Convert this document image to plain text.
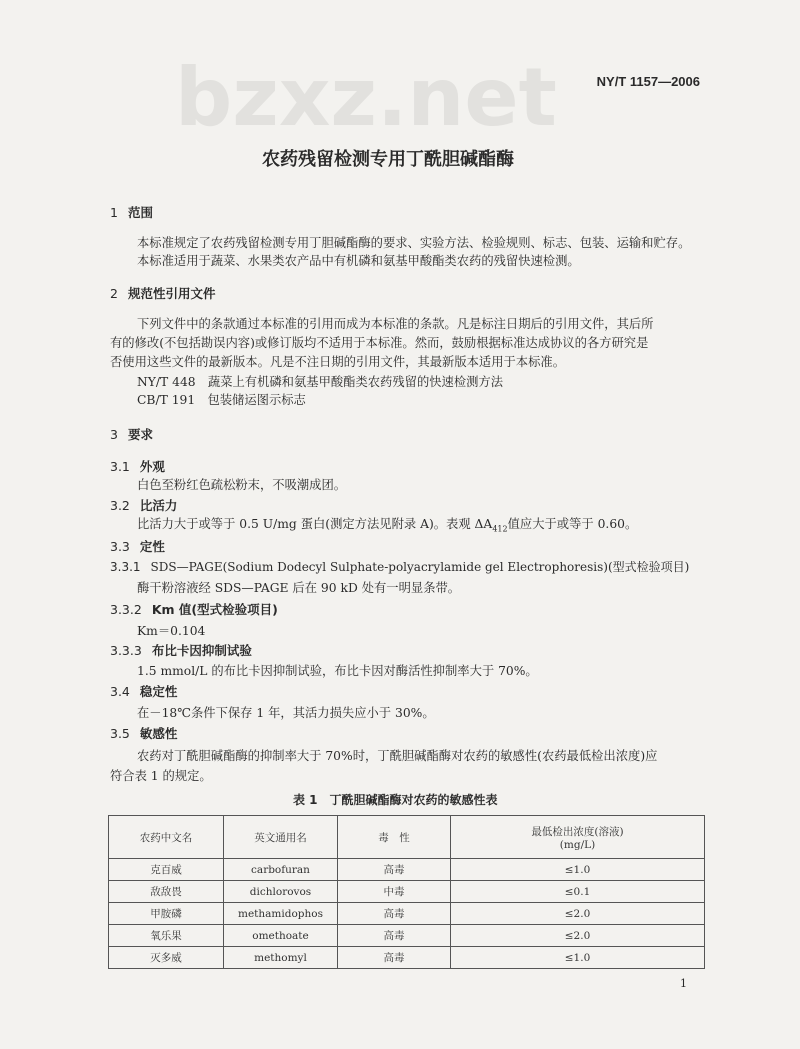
bzxz.net	NY/T 1157—2006
农药残留检测专用丁酰胆碱酯酶
1 范围
本标准规定了农药残留检测专用丁胆碱酯酶的要求、实验方法、检验规则、标志、包装、运输和贮存。
本标准适用于蔬菜、水果类农产品中有机磷和氨基甲酸酯类农药的残留快速检测。
2 规范性引用文件
下列文件中的条款通过本标准的引用而成为本标准的条款。凡是标注日期后的引用文件，其后所
有的修改(不包括勘误内容)或修订版均不适用于本标准。然而，鼓励根据标准达成协议的各方研究是
否使用这些文件的最新版本。凡是不注日期的引用文件，其最新版本适用于本标准。
NY/T 448　蔬菜上有机磷和氨基甲酸酯类农药残留的快速检测方法
CB/T 191　包装储运图示标志
3 要求
3.1 外观
白色至粉红色疏松粉末，不吸潮成团。
3.2 比活力
比活力大于或等于 0.5 U/mg 蛋白(测定方法见附录 A)。表观 $\Delta A_{412}$值应大于或等于 0.60。
3.3 定性
3.3.1 SDS—PAGE(Sodium Dodecyl Sulphate-polyacrylamide gel Electrophoresis)(型式检验项目)
酶干粉溶液经 SDS—PAGE 后在 90 kD 处有一明显条带。
3.3.2 Km 值(型式检验项目)
Km＝0.104
3.3.3 布比卡因抑制试验
1.5 mmol/L 的布比卡因抑制试验，布比卡因对酶活性抑制率大于 70%。
3.4 稳定性
在－18℃条件下保存 1 年，其活力损失应小于 30%。
3.5 敏感性
农药对丁酰胆碱酯酶的抑制率大于 70%时，丁酰胆碱酯酶对农药的敏感性(农药最低检出浓度)应
符合表 1 的规定。
表 1　丁酰胆碱酯酶对农药的敏感性表
农药中文名	英文通用名	毒　性	最低检出浓度(溶液)
(mg/L)

克百威	carbofuran	高毒	≤1.0
敌敌畏	dichlorovos	中毒	≤0.1
甲胺磷	methamidophos	高毒	≤2.0
氧乐果	omethoate	高毒	≤2.0
灭多威	methomyl	高毒	≤1.0
1
